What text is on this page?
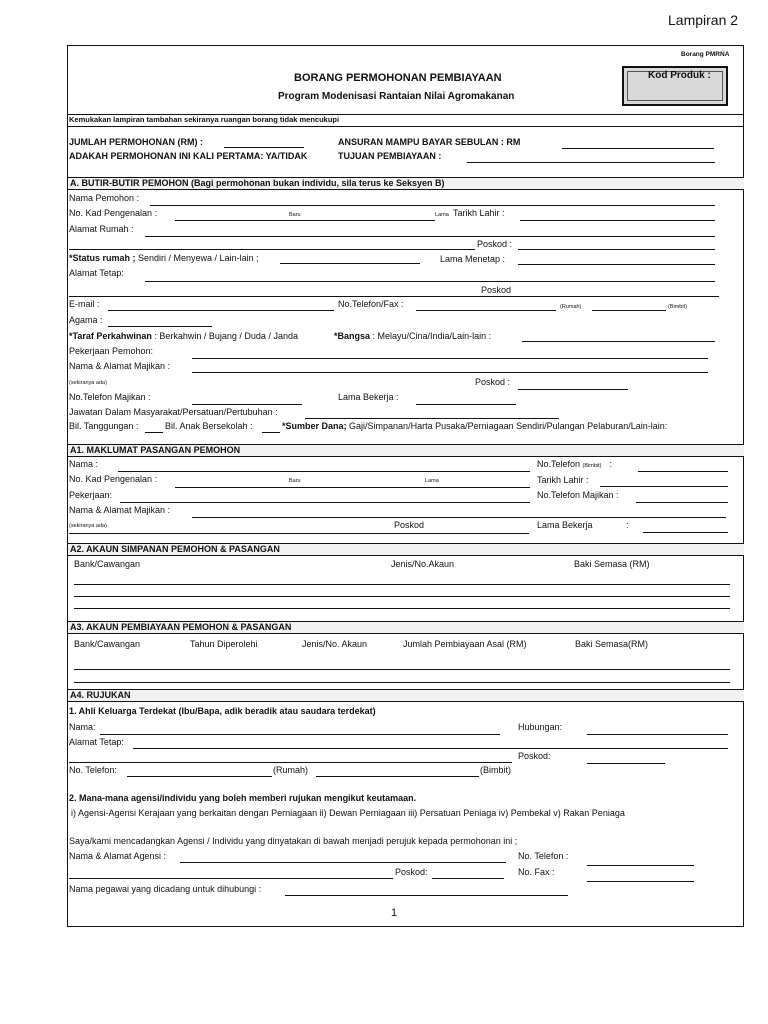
Lampiran 2
Borang PMRNA
BORANG PERMOHONAN PEMBIAYAAN
Program Modenisasi Rantaian Nilai Agromakanan
Kod Produk :
Kemukakan lampiran tambahan sekiranya ruangan borang tidak mencukupi
JUMLAH PERMOHONAN (RM) :	ANSURAN MAMPU BAYAR SEBULAN : RM
ADAKAH PERMOHONAN INI KALI PERTAMA: YA/TIDAK	TUJUAN PEMBIAYAAN :
A. BUTIR-BUTIR PEMOHON (Bagi permohonan bukan individu, sila terus ke Seksyen B)
Nama Pemohon :
No. Kad Pengenalan :	Baru	Lama Tarikh Lahir :
Alamat Rumah :
Poskod :
*Status rumah ; Sendiri / Menyewa / Lain-lain ;	Lama Menetap :
Alamat Tetap:
Poskod
E-mail :	No.Telefon/Fax :	(Rumah)	(Bimbit)
Agama :
*Taraf Perkahwinan : Berkahwin / Bujang / Duda / Janda	*Bangsa : Melayu/Cina/India/Lain-lain :
Pekerjaan Pemohon:
Nama & Alamat Majikan :
(sekiranya ada)	Poskod :
No.Telefon Majikan :	Lama Bekerja :
Jawatan Dalam Masyarakat/Persatuan/Pertubuhan :
Bil. Tanggungan :	Bil. Anak Bersekolah :	*Sumber Dana; Gaji/Simpanan/Harta Pusaka/Perniagaan Sendiri/Pulangan Pelaburan/Lain-lain:
A1. MAKLUMAT PASANGAN PEMOHON
Nama :	No.Telefon (Bimbit) :
No. Kad Pengenalan :	Baru	Lama	Tarikh Lahir :
Pekerjaan:	No.Telefon Majikan :
Nama & Alamat Majikan :
(sekiranya ada)	Poskod	Lama Bekerja	:
A2. AKAUN SIMPANAN PEMOHON & PASANGAN
Bank/Cawangan	Jenis/No.Akaun	Baki Semasa (RM)
A3. AKAUN PEMBIAYAAN PEMOHON & PASANGAN
Bank/Cawangan	Tahun Diperolehi	Jenis/No. Akaun	Jumlah Pembiayaan Asal (RM)	Baki Semasa(RM)
A4. RUJUKAN
1. Ahli Keluarga Terdekat (Ibu/Bapa, adik beradik atau saudara terdekat)
Nama:	Hubungan:
Alamat Tetap:
Poskod:
No. Telefon:	(Rumah)	(Bimbit)
2. Mana-mana agensi/individu yang boleh memberi rujukan mengikut keutamaan.
i) Agensi-Agensi Kerajaan yang berkaitan dengan Perniagaan ii) Dewan Perniagaan iii) Persatuan Peniaga iv) Pembekal v) Rakan Peniaga
Saya/kami mencadangkan Agensi / Individu yang dinyatakan di bawah menjadi perujuk kepada permohonan ini ;
Nama & Alamat Agensi :	No. Telefon :
Poskod:	No. Fax :
Nama pegawai yang dicadang untuk dihubungi :
1
